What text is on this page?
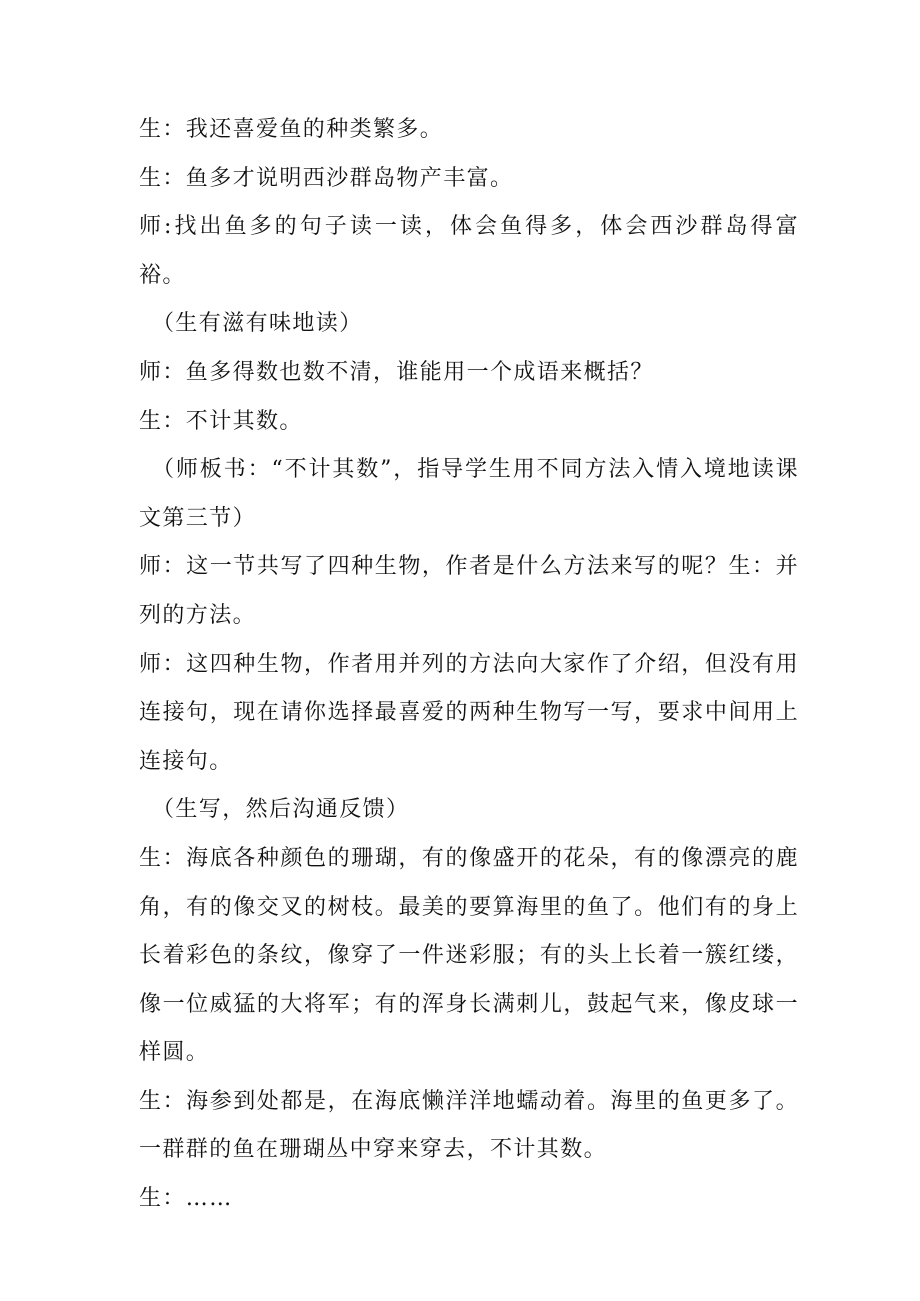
生：我还喜爱鱼的种类繁多。

生：鱼多才说明西沙群岛物产丰富。

师:找出鱼多的句子读一读，体会鱼得多，体会西沙群岛得富裕。

（生有滋有味地读）

师：鱼多得数也数不清，谁能用一个成语来概括？

生：不计其数。

（师板书：“不计其数”，指导学生用不同方法入情入境地读课文第三节）

师：这一节共写了四种生物，作者是什么方法来写的呢？生：并列的方法。

师：这四种生物，作者用并列的方法向大家作了介绍，但没有用连接句，现在请你选择最喜爱的两种生物写一写，要求中间用上连接句。

（生写，然后沟通反馈）

生：海底各种颜色的珊瑚，有的像盛开的花朵，有的像漂亮的鹿角，有的像交叉的树枝。最美的要算海里的鱼了。他们有的身上长着彩色的条纹，像穿了一件迷彩服；有的头上长着一簇红缕，像一位威猛的大将军；有的浑身长满刺儿，鼓起气来，像皮球一样圆。

生：海参到处都是，在海底懒洋洋地蠕动着。海里的鱼更多了。一群群的鱼在珊瑚丛中穿来穿去，不计其数。

生：……
